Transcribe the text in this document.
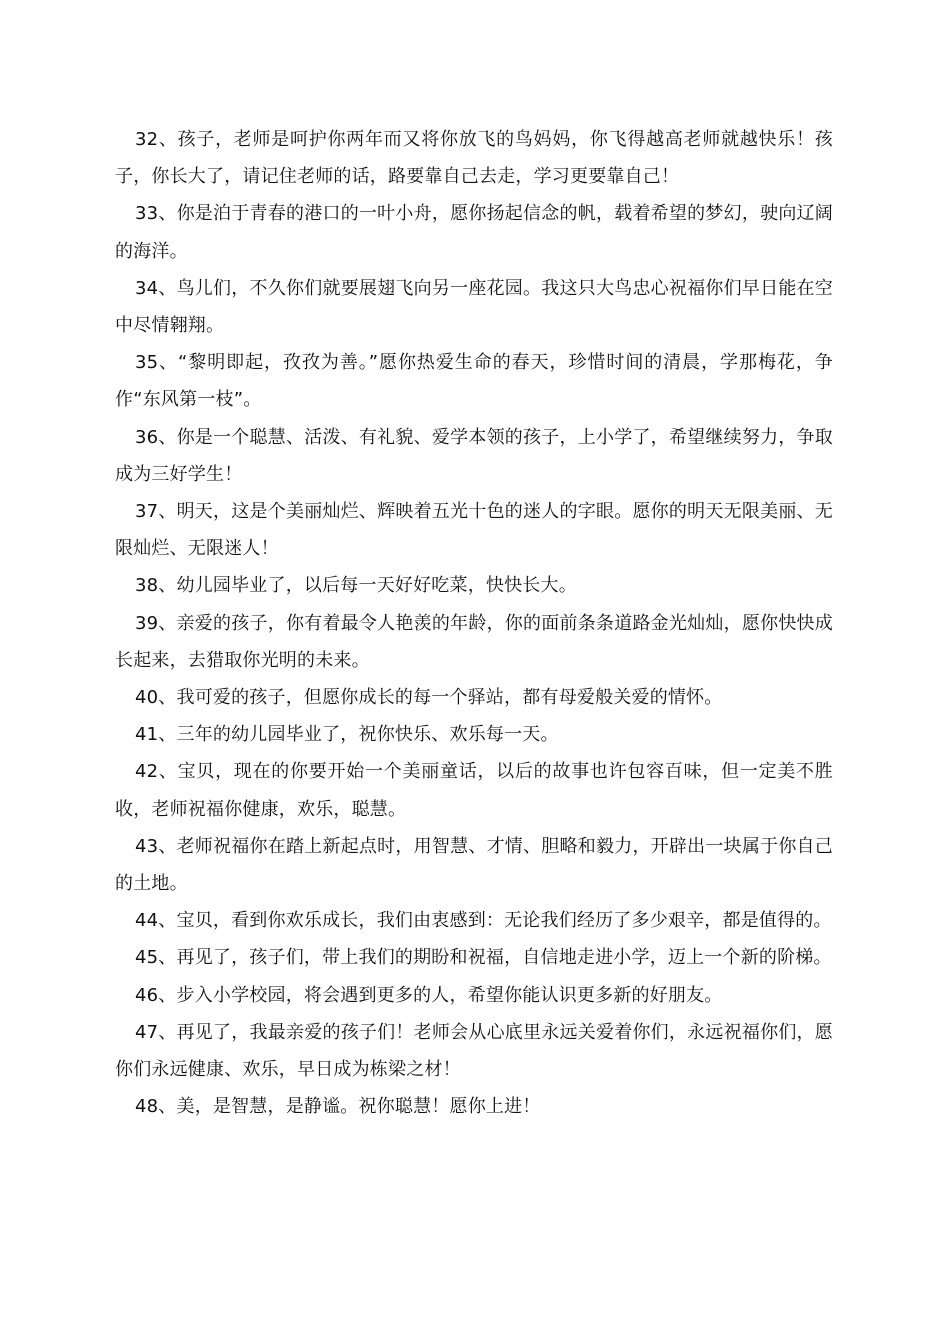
32、孩子，老师是呵护你两年而又将你放飞的鸟妈妈，你飞得越高老师就越快乐！孩子，你长大了，请记住老师的话，路要靠自己去走，学习更要靠自己！

33、你是泊于青春的港口的一叶小舟，愿你扬起信念的帆，载着希望的梦幻，驶向辽阔的海洋。

34、鸟儿们，不久你们就要展翅飞向另一座花园。我这只大鸟忠心祝福你们早日能在空中尽情翱翔。

35、“黎明即起，孜孜为善。”愿你热爱生命的春天，珍惜时间的清晨，学那梅花，争作“东风第一枝”。

36、你是一个聪慧、活泼、有礼貌、爱学本领的孩子，上小学了，希望继续努力，争取成为三好学生！

37、明天，这是个美丽灿烂、辉映着五光十色的迷人的字眼。愿你的明天无限美丽、无限灿烂、无限迷人！

38、幼儿园毕业了，以后每一天好好吃菜，快快长大。

39、亲爱的孩子，你有着最令人艳羡的年龄，你的面前条条道路金光灿灿，愿你快快成长起来，去猎取你光明的未来。

40、我可爱的孩子，但愿你成长的每一个驿站，都有母爱般关爱的情怀。

41、三年的幼儿园毕业了，祝你快乐、欢乐每一天。

42、宝贝，现在的你要开始一个美丽童话，以后的故事也许包容百味，但一定美不胜收，老师祝福你健康，欢乐，聪慧。

43、老师祝福你在踏上新起点时，用智慧、才情、胆略和毅力，开辟出一块属于你自己的土地。

44、宝贝，看到你欢乐成长，我们由衷感到：无论我们经历了多少艰辛，都是值得的。

45、再见了，孩子们，带上我们的期盼和祝福，自信地走进小学，迈上一个新的阶梯。

46、步入小学校园，将会遇到更多的人，希望你能认识更多新的好朋友。

47、再见了，我最亲爱的孩子们！老师会从心底里永远关爱着你们，永远祝福你们，愿你们永远健康、欢乐，早日成为栋梁之材！

48、美，是智慧，是静谧。祝你聪慧！愿你上进！
